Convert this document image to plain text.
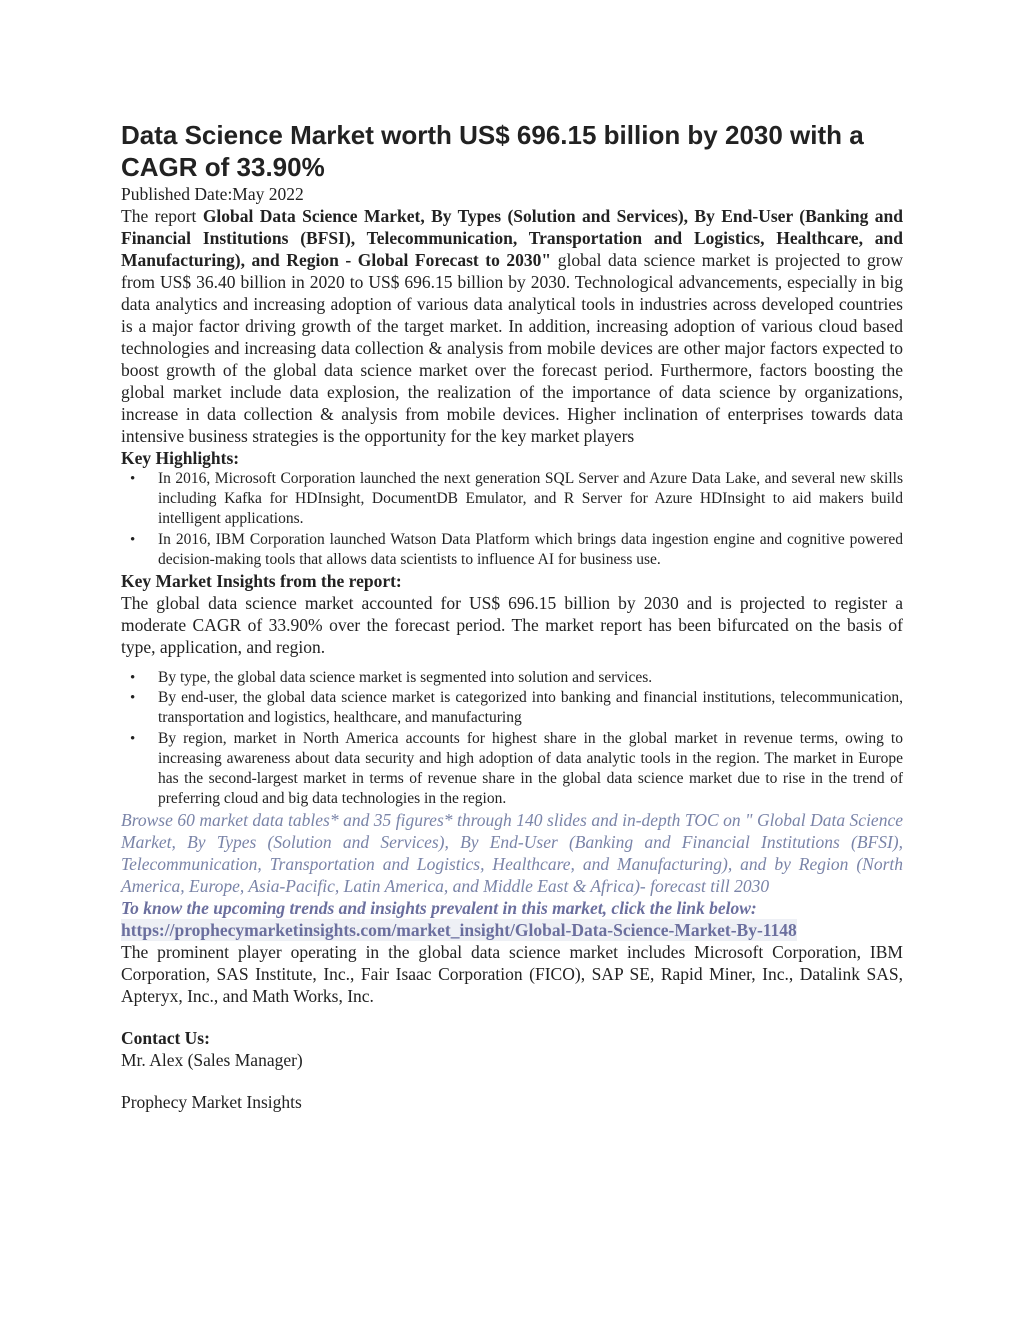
Data Science Market worth US$ 696.15 billion by 2030 with a CAGR of 33.90%

Published Date:May 2022

The report Global Data Science Market, By Types (Solution and Services), By End-User (Banking and Financial Institutions (BFSI), Telecommunication, Transportation and Logistics, Healthcare, and Manufacturing), and Region - Global Forecast to 2030" global data science market is projected to grow from US$ 36.40 billion in 2020 to US$ 696.15 billion by 2030. Technological advancements, especially in big data analytics and increasing adoption of various data analytical tools in industries across developed countries is a major factor driving growth of the target market. In addition, increasing adoption of various cloud based technologies and increasing data collection & analysis from mobile devices are other major factors expected to boost growth of the global data science market over the forecast period. Furthermore, factors boosting the global market include data explosion, the realization of the importance of data science by organizations, increase in data collection & analysis from mobile devices. Higher inclination of enterprises towards data intensive business strategies is the opportunity for the key market players

Key Highlights:

• In 2016, Microsoft Corporation launched the next generation SQL Server and Azure Data Lake, and several new skills including Kafka for HDInsight, DocumentDB Emulator, and R Server for Azure HDInsight to aid makers build intelligent applications.
• In 2016, IBM Corporation launched Watson Data Platform which brings data ingestion engine and cognitive powered decision-making tools that allows data scientists to influence AI for business use.

Key Market Insights from the report:

The global data science market accounted for US$ 696.15 billion by 2030 and is projected to register a moderate CAGR of 33.90% over the forecast period. The market report has been bifurcated on the basis of type, application, and region.

• By type, the global data science market is segmented into solution and services.
• By end-user, the global data science market is categorized into banking and financial institutions, telecommunication, transportation and logistics, healthcare, and manufacturing
• By region, market in North America accounts for highest share in the global market in revenue terms, owing to increasing awareness about data security and high adoption of data analytic tools in the region. The market in Europe has the second-largest market in terms of revenue share in the global data science market due to rise in the trend of preferring cloud and big data technologies in the region.

Browse 60 market data tables* and 35 figures* through 140 slides and in-depth TOC on " Global Data Science Market, By Types (Solution and Services), By End-User (Banking and Financial Institutions (BFSI), Telecommunication, Transportation and Logistics, Healthcare, and Manufacturing), and by Region (North America, Europe, Asia-Pacific, Latin America, and Middle East & Africa)- forecast till 2030

To know the upcoming trends and insights prevalent in this market, click the link below:

https://prophecymarketinsights.com/market_insight/Global-Data-Science-Market-By-1148

The prominent player operating in the global data science market includes Microsoft Corporation, IBM Corporation, SAS Institute, Inc., Fair Isaac Corporation (FICO), SAP SE, Rapid Miner, Inc., Datalink SAS, Apteryx, Inc., and Math Works, Inc.

Contact Us:

Mr. Alex (Sales Manager)

Prophecy Market Insights
